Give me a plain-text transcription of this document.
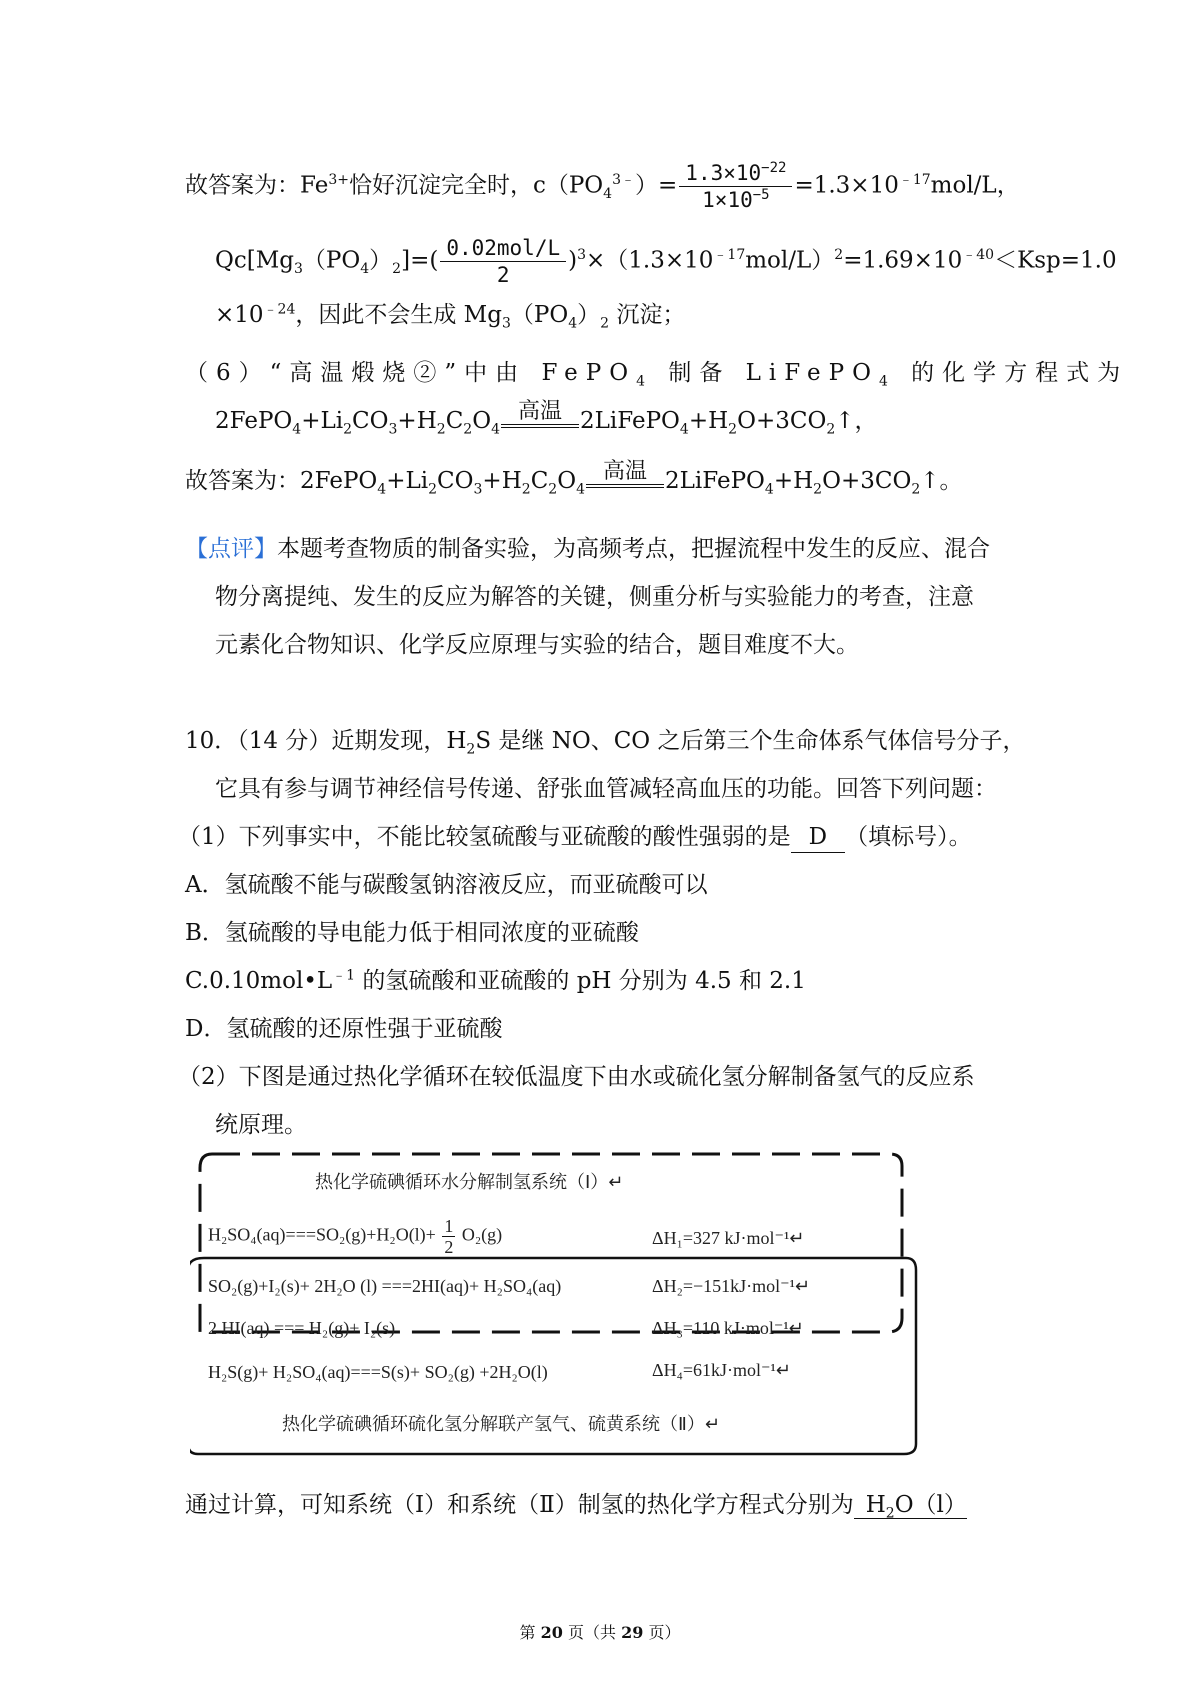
故答案为：$Fe^{3+}$恰好沉淀完全时，$c(PO_4^{3﹣})= \frac{1.3\times 10^{-22}}{1\times 10^{-5}} =1.3\times 10^{﹣17}mol/L$，
$Qc[Mg_3(PO_4)_2]=( \frac{\text{0.02mol/L}}{2} )^3\times(1.3\times 10^{﹣17}mol/L)^2=1.69\times 10^{﹣40}<Ksp=1.0$
$\times 10^{﹣24}$，因此不会生成 $Mg_3(PO_4)_2$ 沉淀；
（6）“高温煅烧②”中由 FePO$_4$ 制备 LiFePO$_4$ 的化学方程式为
$2FePO_4+Li_2CO_3+H_2C_2O_4$
高温 $2LiFePO_4+H_2O+3CO_2↑$，
故答案为：$2FePO_4+Li_2CO_3+H_2C_2O_4$
高温 $2LiFePO_4+H_2O+3CO_2↑$。
【点评】本题考查物质的制备实验，为高频考点，把握流程中发生的反应、混合
物分离提纯、发生的反应为解答的关键，侧重分析与实验能力的考查，注意
元素化合物知识、化学反应原理与实验的结合，题目难度不大。
10．（14 分）近期发现，$H_2S$ 是继 NO、CO 之后第三个生命体系气体信号分子，
它具有参与调节神经信号传递、舒张血管减轻高血压的功能。回答下列问题：
（1）下列事实中，不能比较氢硫酸与亚硫酸的酸性强弱的是 D （填标号）。
A．氢硫酸不能与碳酸氢钠溶液反应，而亚硫酸可以
B．氢硫酸的导电能力低于相同浓度的亚硫酸
$C.0.10mol•L^{﹣1}$ 的氢硫酸和亚硫酸的 pH 分别为 4.5 和 2.1
D．氢硫酸的还原性强于亚硫酸
（2）下图是通过热化学循环在较低温度下由水或硫化氢分解制备氢气的反应系
统原理。
热化学硫碘循环水分解制氢系统（Ⅰ）↵
$H_2SO_4(aq)===SO_2(g)+H_2O(l)+ \frac{1}{2} O_2(g)$	ΔH₁=327 kJ·mol⁻¹↵
SO₂(g)+I₂(s)+ 2H₂O (l) ===2HI(aq)+ H₂SO₄(aq)	ΔH₂=−151kJ·mol⁻¹↵
2 HI(aq) === H₂(g)+ I₂(s)	ΔH₃=110 kJ·mol⁻¹↵
H₂S(g)+ H₂SO₄(aq)===S(s)+ SO₂(g) +2H₂O(l)	ΔH₄=61kJ·mol⁻¹↵
热化学硫碘循环硫化氢分解联产氢气、硫黄系统（Ⅱ）↵
通过计算，可知系统（Ⅰ）和系统（Ⅱ）制氢的热化学方程式分别为 $H_2O(l)$
第 20 页（共 29 页）
